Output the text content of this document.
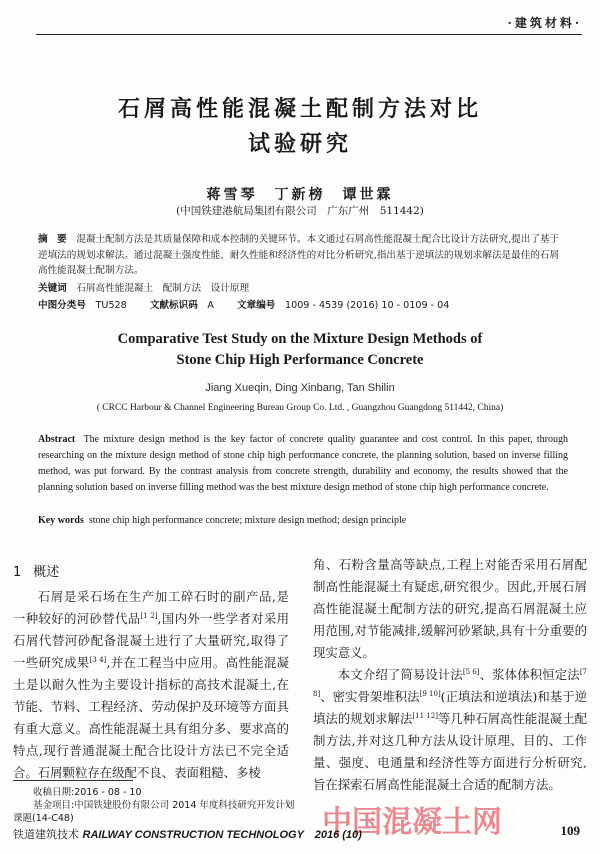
·建筑材料·
石屑高性能混凝土配制方法对比
试验研究
蒋雪琴　丁新榜　谭世霖
(中国铁建港航局集团有限公司　广东广州　511442)
摘　要　 混凝土配制方法是其质量保障和成本控制的关键环节。本文通过石屑高性能混凝土配合比设计方法研究,提出了基于逆填法的规划求解法。通过混凝土强度性能、耐久性能和经济性的对比分析研究,指出基于逆填法的规划求解法是最佳的石屑高性能混凝土配制方法。
关键词　 石屑高性能混凝土　配制方法　设计原理
中图分类号　 TU528 文献标识码　 A 文章编号　 1009 - 4539 (2016) 10 - 0109 - 04
Comparative Test Study on the Mixture Design Methods of
Stone Chip High Performance Concrete
Jiang Xueqin, Ding Xinbang, Tan Shilin
( CRCC Harbour & Channel Engineering Bureau Group Co. Ltd. , Guangzhou Guangdong 511442, China)
Abstract The mixture design method is the key factor of concrete quality guarantee and cost control. In this paper, through researching on the mixture design method of stone chip high performance concrete, the planning solution, based on inverse filling method, was put forward. By the contrast analysis from concrete strength, durability and economy, the results showed that the planning solution based on inverse filling method was the best mixture design method of stone chip high performance concrete.
Key words stone chip high performance concrete; mixture design method; design principle
1 概述

石屑是采石场在生产加工碎石时的副产品,是一种较好的河砂替代品[1 2],国内外一些学者对采用石屑代替河砂配备混凝土进行了大量研究,取得了一些研究成果[3 4],并在工程当中应用。高性能混凝土是以耐久性为主要设计指标的高技术混凝土,在节能、节料、工程经济、劳动保护及环境等方面具有重大意义。高性能混凝土具有组分多、要求高的特点,现行普通混凝土配合比设计方法已不完全适合。石屑颗粒存在级配不良、表面粗糙、多棱

角、石粉含量高等缺点,工程上对能否采用石屑配制高性能混凝土有疑虑,研究很少。因此,开展石屑高性能混凝土配制方法的研究,提高石屑混凝土应用范围,对节能减排,缓解河砂紧缺,具有十分重要的现实意义。

本文介绍了简易设计法[5 6]、浆体体积恒定法[7 8]、密实骨架堆积法[9 10](正填法和逆填法)和基于逆填法的规划求解法[11 12]等几种石屑高性能混凝土配制方法,并对这几种方法从设计原理、目的、工作量、强度、电通量和经济性等方面进行分析研究,旨在探索石屑高性能混凝土合适的配制方法。

收稿日期:2016 - 08 - 10
基金项目:中国铁建股份有限公司 2014 年度科技研究开发计划
课题(14-C48)	中国混凝土网
铁道建筑技术 RAILWAY CONSTRUCTION TECHNOLOGY　2016 (10)	109
